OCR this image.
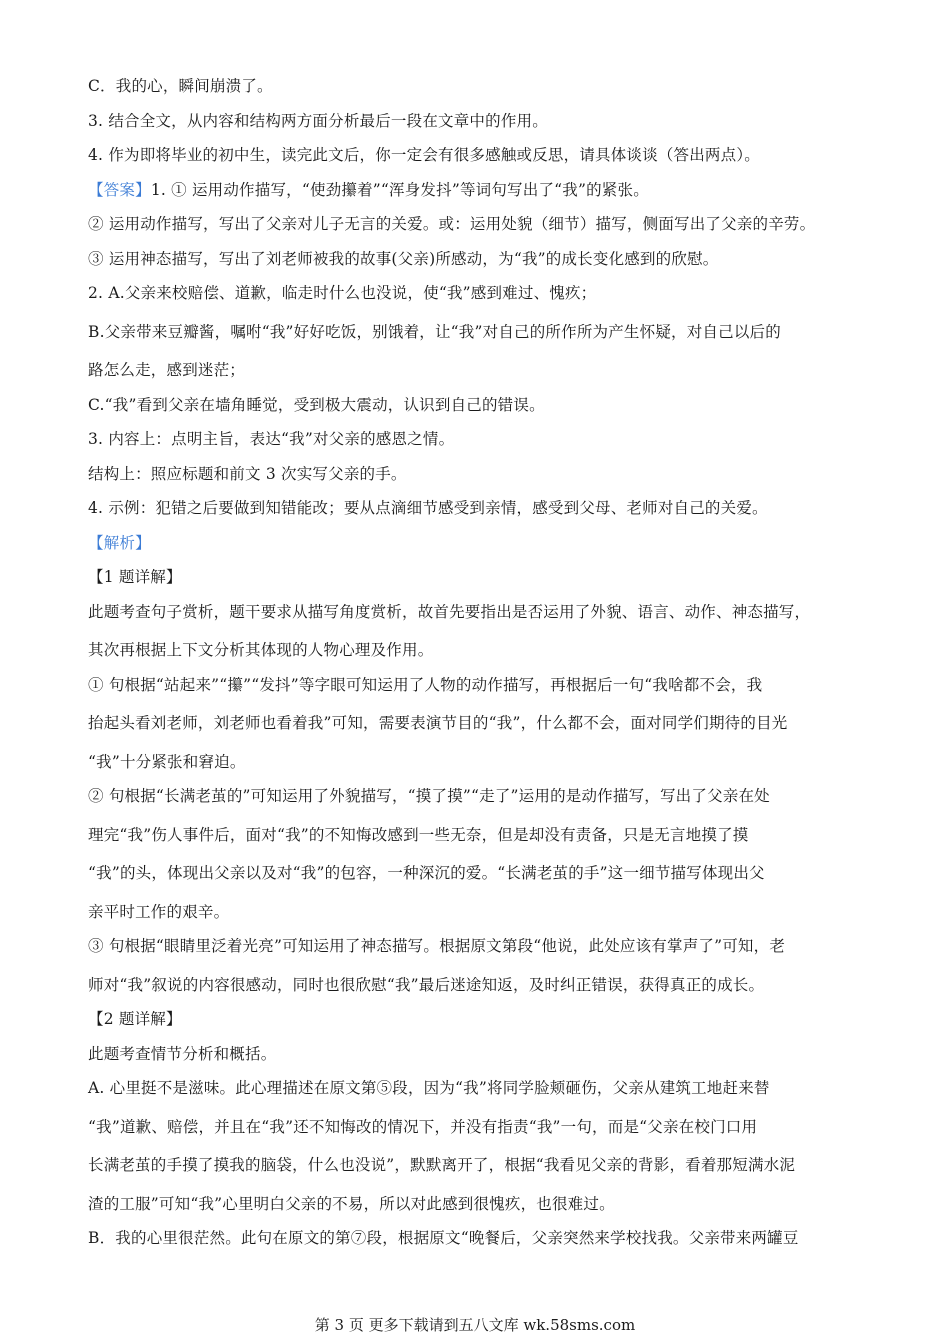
C．我的心，瞬间崩溃了。
3. 结合全文，从内容和结构两方面分析最后一段在文章中的作用。
4. 作为即将毕业的初中生，读完此文后，你一定会有很多感触或反思，请具体谈谈（答出两点）。
【答案】1. ① 运用动作描写，“使劲攥着”“浑身发抖”等词句写出了“我”的紧张。
② 运用动作描写，写出了父亲对儿子无言的关爱。或：运用处貌（细节）描写，侧面写出了父亲的辛劳。
③ 运用神态描写，写出了刘老师被我的故事(父亲)所感动，为“我”的成长变化感到的欣慰。
2. A.父亲来校赔偿、道歉，临走时什么也没说，使“我”感到难过、愧疚；
B.父亲带来豆瓣酱，嘱咐“我”好好吃饭，别饿着，让“我”对自己的所作所为产生怀疑，对自己以后的
路怎么走，感到迷茫；
C.“我”看到父亲在墙角睡觉，受到极大震动，认识到自己的错误。
3. 内容上：点明主旨，表达“我”对父亲的感恩之情。
结构上：照应标题和前文 3 次实写父亲的手。
4. 示例：犯错之后要做到知错能改；要从点滴细节感受到亲情，感受到父母、老师对自己的关爱。
【解析】
【1 题详解】
此题考查句子赏析，题干要求从描写角度赏析，故首先要指出是否运用了外貌、语言、动作、神态描写，
其次再根据上下文分析其体现的人物心理及作用。
① 句根据“站起来”“攥”“发抖”等字眼可知运用了人物的动作描写，再根据后一句“我啥都不会，我
抬起头看刘老师，刘老师也看着我”可知，需要表演节目的“我”，什么都不会，面对同学们期待的目光
“我”十分紧张和窘迫。
② 句根据“长满老茧的”可知运用了外貌描写，“摸了摸”“走了”运用的是动作描写，写出了父亲在处
理完“我”伤人事件后，面对“我”的不知悔改感到一些无奈，但是却没有责备，只是无言地摸了摸
“我”的头，体现出父亲以及对“我”的包容，一种深沉的爱。“长满老茧的手”这一细节描写体现出父
亲平时工作的艰辛。
③ 句根据“眼睛里泛着光亮”可知运用了神态描写。根据原文第段“他说，此处应该有掌声了”可知，老
师对“我”叙说的内容很感动，同时也很欣慰“我”最后迷途知返，及时纠正错误，获得真正的成长。
【2 题详解】
此题考查情节分析和概括。
A. 心里挺不是滋味。此心理描述在原文第⑤段，因为“我”将同学脸颊砸伤，父亲从建筑工地赶来替
“我”道歉、赔偿，并且在“我”还不知悔改的情况下，并没有指责“我”一句，而是“父亲在校门口用
长满老茧的手摸了摸我的脑袋，什么也没说”，默默离开了，根据“我看见父亲的背影，看着那短满水泥
渣的工服”可知“我”心里明白父亲的不易，所以对此感到很愧疚，也很难过。
B．我的心里很茫然。此句在原文的第⑦段，根据原文“晚餐后，父亲突然来学校找我。父亲带来两罐豆
第 3 页 更多下载请到五八文库 wk.58sms.com
